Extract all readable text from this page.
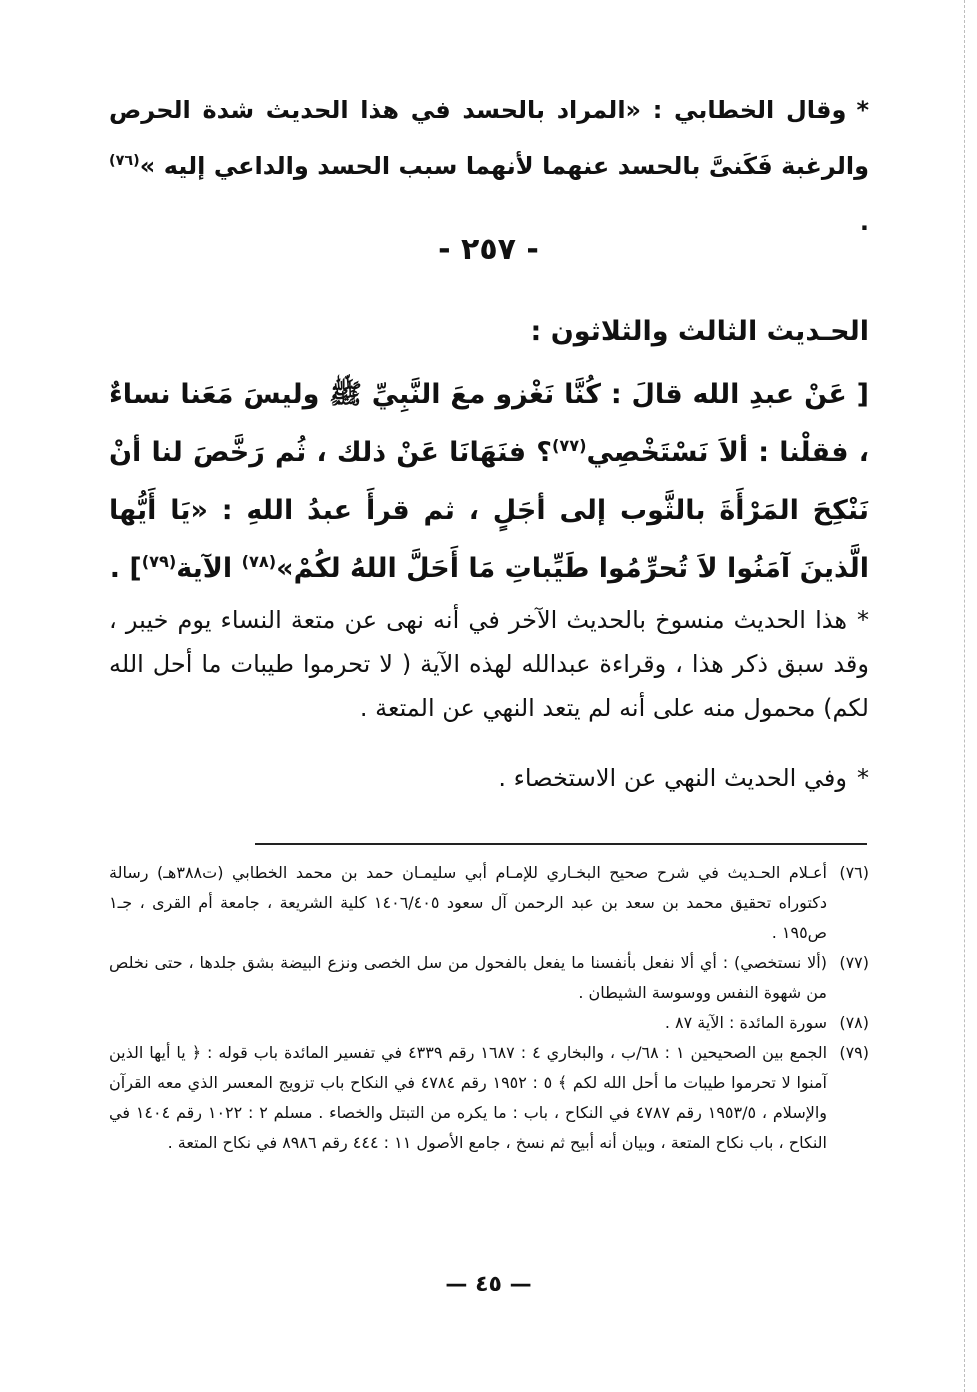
*وقال الخطابي : «المراد بالحسد في هذا الحديث شدة الحرص والرغبة فَكَنىَّ بالحسد عنهما لأنهما سبب الحسد والداعي إليه »$^{(٧٦)}$ .
- ٢٥٧ -
الحـديث الثالث والثلاثون :
[ عَنْ عبدِ الله قالَ : كُنَّا نَغْزو معَ النَّبِيِّ ﷺ وليسَ مَعَنا نساءٌ ، فقلْنا : ألاَ نَسْتَخْصِي$^{(٧٧)}$؟ فنَهَانَا عَنْ ذلك ، ثُم رَخَّصَ لنا أنْ نَنْكِحَ المَرْأَةَ بالثَّوب إلى أجَلٍ ، ثم قرأَ عبدُ اللهِ : «يَا أَيُّها الَّذينَ آمَنُوا لاَ تُحرِّمُوا طَيِّباتِ مَا أَحَلَّ اللهُ لكُمْ»$^{(٧٨)}$ الآية$^{(٧٩)}$] .
*هذا الحديث منسوخ بالحديث الآخر في أنه نهى عن متعة النساء يوم خيبر ، وقد سبق ذكر هذا ، وقراءة عبدالله لهذه الآية ( لا تحرموا طيبات ما أحل الله لكم) محمول منه على أنه لم يتعد النهي عن المتعة .
*وفي الحديث النهي عن الاستخصاء .
(٧٦)
أعـلام الحـديث في شرح صحيح البخـاري للإمـام أبي سليمـان حمد بن محمد الخطابي (ت٣٨٨هـ) رسالة دكتوراه تحقيق محمد بن سعد بن عبد الرحمن آل سعود ١٤٠٦/٤٠٥ كلية الشريعة ، جامعة أم القرى ، جـ١ ص١٩٥ .
(٧٧)
(ألا نستخصي) : أي ألا نفعل بأنفسنا ما يفعل بالفحول من سل الخصى ونزع البيضة بشق جلدها ، حتى نخلص من شهوة النفس ووسوسة الشيطان .
(٧٨)
سورة المائدة : الآية ٨٧ .
(٧٩)
الجمع بين الصحيحين ١ : ٦٨/ب ، والبخاري ٤ : ١٦٨٧ رقم ٤٣٣٩ في تفسير المائدة باب قوله : ﴿ يا أيها الذين آمنوا لا تحرموا طيبات ما أحل الله لكم ﴾ ٥ : ١٩٥٢ رقم ٤٧٨٤ في النكاح باب تزويج المعسر الذي معه القرآن والإسلام ، ١٩٥٣/٥ رقم ٤٧٨٧ في النكاح ، باب : ما يكره من التبتل والخصاء . مسلم ٢ : ١٠٢٢ رقم ١٤٠٤ في النكاح ، باب نكاح المتعة ، وبيان أنه أبيح ثم نسخ ، جامع الأصول ١١ : ٤٤٤ رقم ٨٩٨٦ في نكاح المتعة .
— ٤٥ —
